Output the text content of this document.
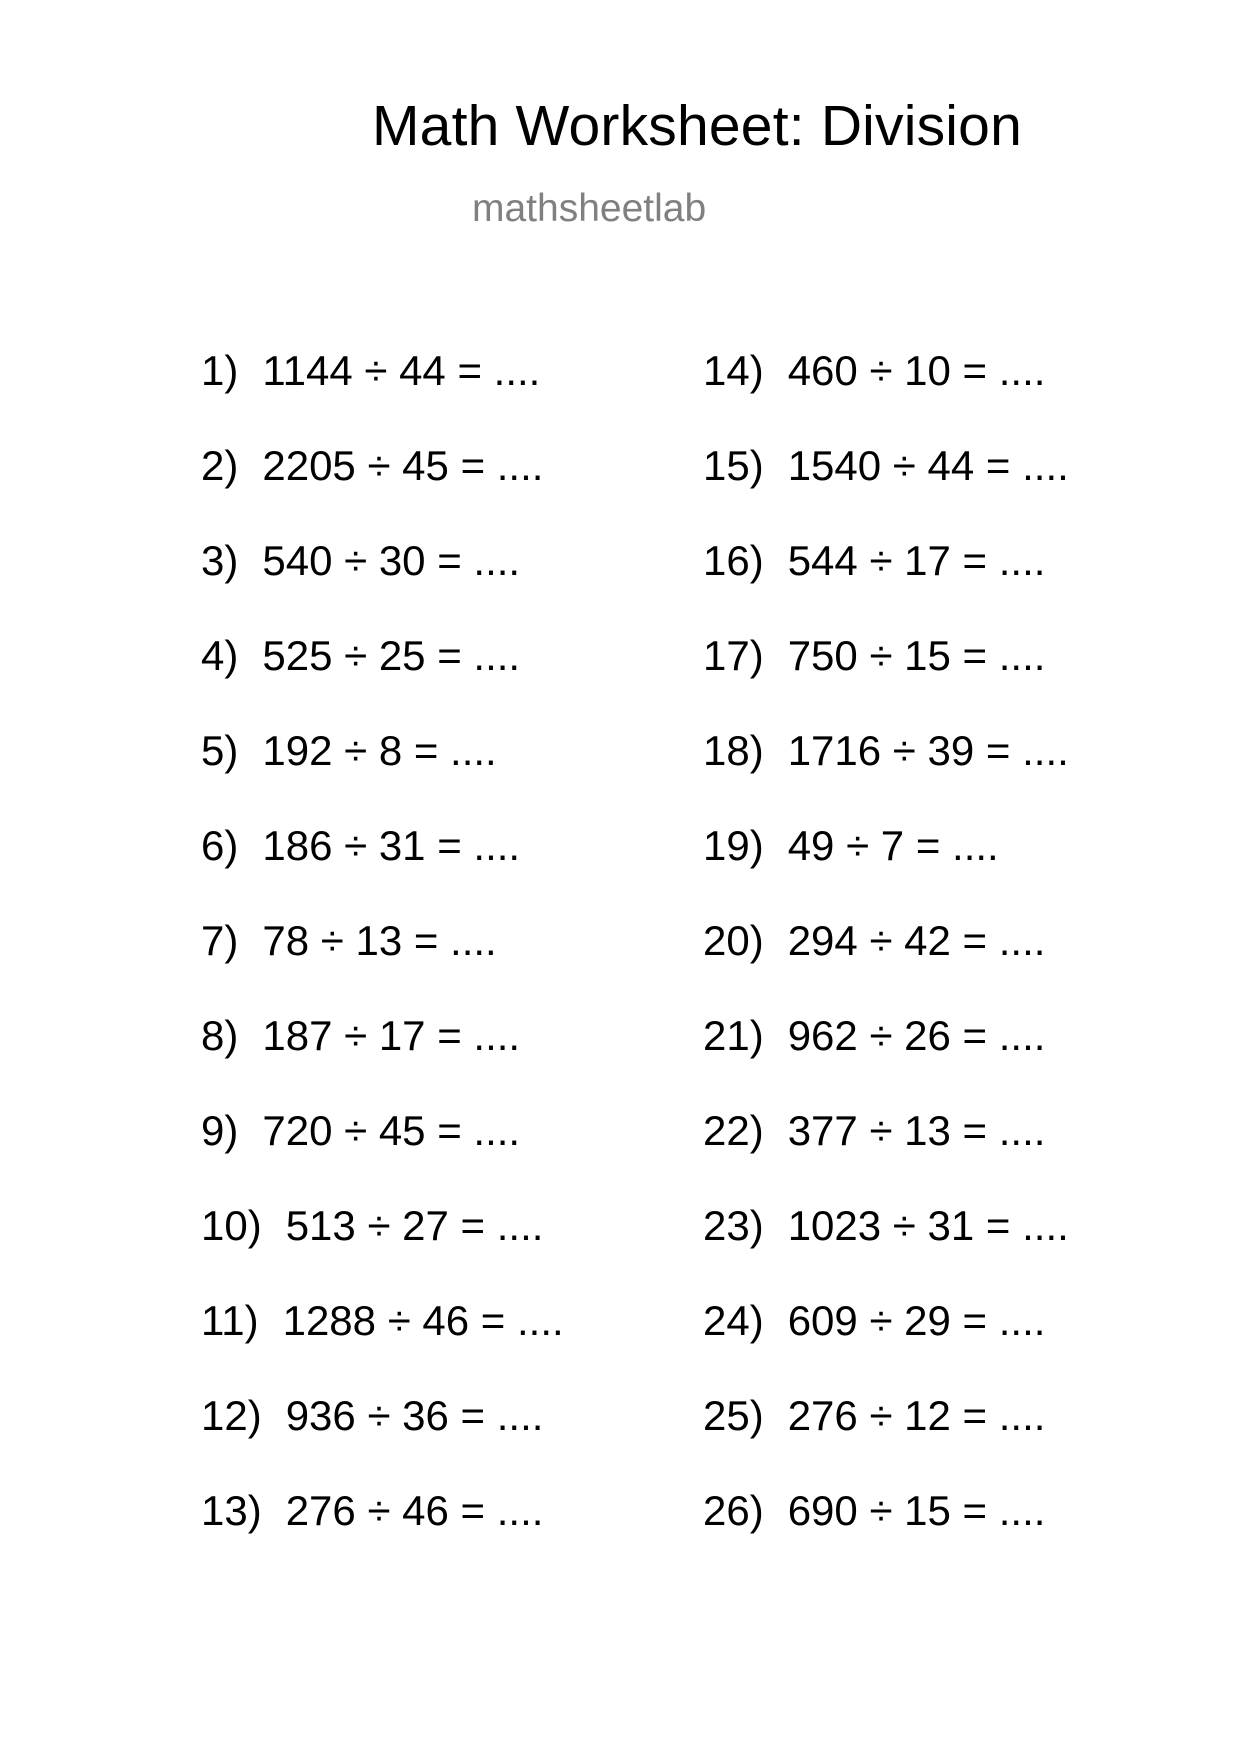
Math Worksheet: Division
mathsheetlab
1) 1144 ÷ 44 = ....
2) 2205 ÷ 45 = ....
3) 540 ÷ 30 = ....
4) 525 ÷ 25 = ....
5) 192 ÷ 8 = ....
6) 186 ÷ 31 = ....
7) 78 ÷ 13 = ....
8) 187 ÷ 17 = ....
9) 720 ÷ 45 = ....
10) 513 ÷ 27 = ....
11) 1288 ÷ 46 = ....
12) 936 ÷ 36 = ....
13) 276 ÷ 46 = ....
14) 460 ÷ 10 = ....
15) 1540 ÷ 44 = ....
16) 544 ÷ 17 = ....
17) 750 ÷ 15 = ....
18) 1716 ÷ 39 = ....
19) 49 ÷ 7 = ....
20) 294 ÷ 42 = ....
21) 962 ÷ 26 = ....
22) 377 ÷ 13 = ....
23) 1023 ÷ 31 = ....
24) 609 ÷ 29 = ....
25) 276 ÷ 12 = ....
26) 690 ÷ 15 = ....
